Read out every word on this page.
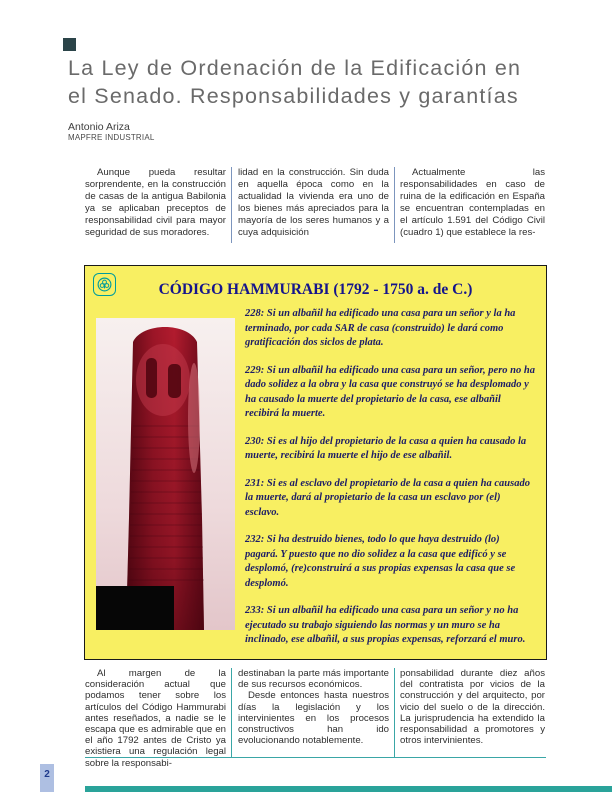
La Ley de Ordenación de la Edificación en
el Senado. Responsabilidades y garantías
Antonio Ariza
MAPFRE INDUSTRIAL
Aunque pueda resultar sorprendente, en la construcción de casas de la antigua Babilonia ya se aplicaban preceptos de responsabilidad civil para mayor seguridad de sus moradores.
lidad en la construcción. Sin duda en aquella época como en la actualidad la vivienda era uno de los bienes más apreciados para la mayoría de los seres humanos y a cuya adquisición
Actualmente las responsabilidades en caso de ruina de la edificación en España se encuentran contempladas en el artículo 1.591 del Código Civil (cuadro 1) que establece la res-
CÓDIGO HAMMURABI (1792 - 1750 a. de C.)

228: Si un albañil ha edificado una casa para un señor y la ha terminado, por cada SAR de casa (construido) le dará como gratificación dos siclos de plata.

229: Si un albañil ha edificado una casa para un señor, pero no ha dado solidez a la obra y la casa que construyó se ha desplomado y ha causado la muerte del propietario de la casa, ese albañil recibirá la muerte.

230: Si es al hijo del propietario de la casa a quien ha causado la muerte, recibirá la muerte el hijo de ese albañil.

231: Si es al esclavo del propietario de la casa a quien ha causado la muerte, dará al propietario de la casa un esclavo por (el) esclavo.

232: Si ha destruido bienes, todo lo que haya destruido (lo) pagará. Y puesto que no dio solidez a la casa que edificó y se desplomó, (re)construirá a sus propias expensas la casa que se desplomó.

233: Si un albañil ha edificado una casa para un señor y no ha ejecutado su trabajo siguiendo las normas y un muro se ha inclinado, ese albañil, a sus propias expensas, reforzará el muro.

Al margen de la consideración actual que podamos tener sobre los artículos del Código Hammurabi antes reseñados, a nadie se le escapa que es admirable que en el año 1792 antes de Cristo ya existiera una regulación legal sobre la responsabi-

destinaban la parte más importante de sus recursos económicos.

Desde entonces hasta nuestros días la legislación y los intervinientes en los procesos constructivos han ido evolucionando notablemente.

ponsabilidad durante diez años del contratista por vicios de la construcción y del arquitecto, por vicio del suelo o de la dirección. La jurisprudencia ha extendido la responsabilidad a promotores y otros intervinientes.
2
